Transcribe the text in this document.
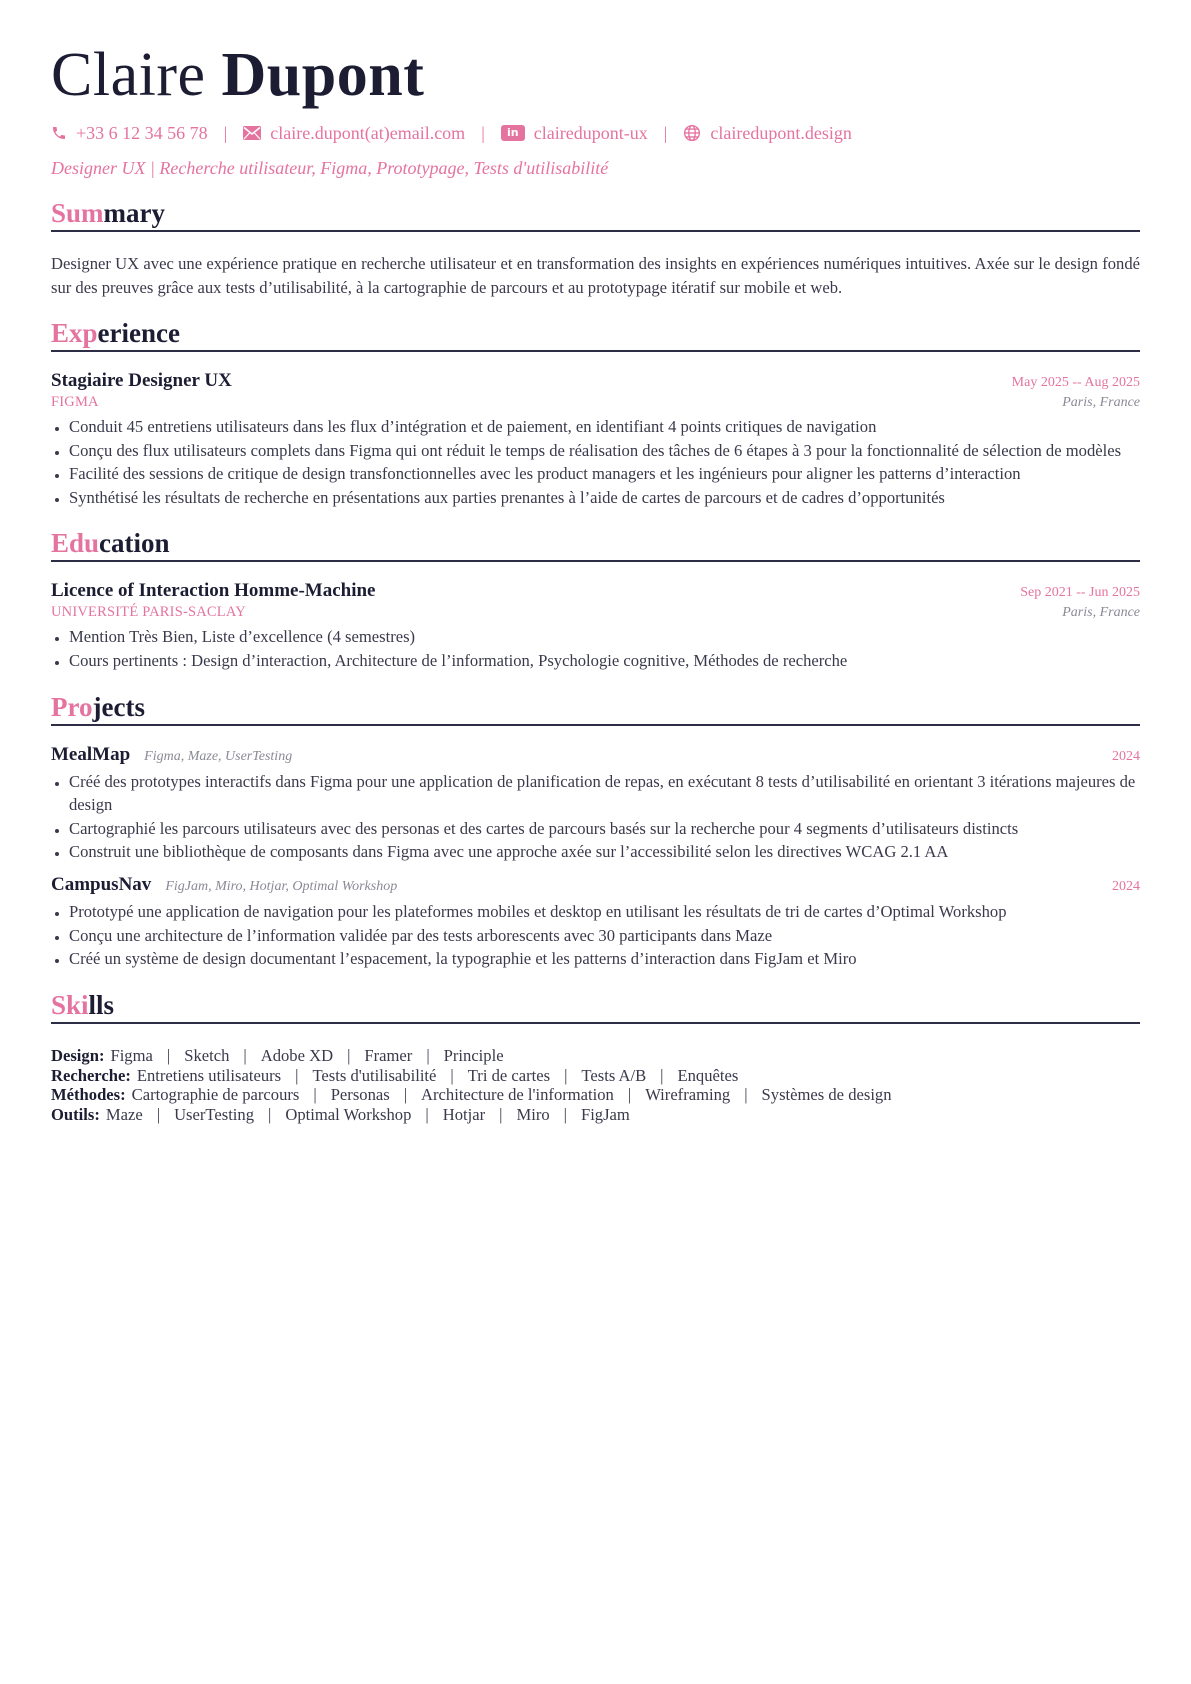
Claire Dupont
+33 6 12 34 56 78 | claire.dupont(at)email.com |	in clairedupont-ux | clairedupont.design
Designer UX | Recherche utilisateur, Figma, Prototypage, Tests d'utilisabilité
Summary
Designer UX avec une expérience pratique en recherche utilisateur et en transformation des insights en expériences numériques intuitives. Axée sur le design fondé sur des preuves grâce aux tests d’utilisabilité, à la cartographie de parcours et au prototypage itératif sur mobile et web.
Experience
Stagiaire Designer UX	May 2025 -- Aug 2025
FIGMA	Paris, France
• Conduit 45 entretiens utilisateurs dans les flux d’intégration et de paiement, en identifiant 4 points critiques de navigation
• Conçu des flux utilisateurs complets dans Figma qui ont réduit le temps de réalisation des tâches de 6 étapes à 3 pour la fonctionnalité de sélection de modèles
• Facilité des sessions de critique de design transfonctionnelles avec les product managers et les ingénieurs pour aligner les patterns d’interaction
• Synthétisé les résultats de recherche en présentations aux parties prenantes à l’aide de cartes de parcours et de cadres d’opportunités
Education
Licence of Interaction Homme-Machine	Sep 2021 -- Jun 2025
UNIVERSITÉ PARIS-SACLAY	Paris, France
• Mention Très Bien, Liste d’excellence (4 semestres)
• Cours pertinents : Design d’interaction, Architecture de l’information, Psychologie cognitive, Méthodes de recherche
Projects
MealMap Figma, Maze, UserTesting	2024
• Créé des prototypes interactifs dans Figma pour une application de planification de repas, en exécutant 8 tests d’utilisabilité en orientant 3 itérations majeures de design
• Cartographié les parcours utilisateurs avec des personas et des cartes de parcours basés sur la recherche pour 4 segments d’utilisateurs distincts
• Construit une bibliothèque de composants dans Figma avec une approche axée sur l’accessibilité selon les directives WCAG 2.1 AA
CampusNav FigJam, Miro, Hotjar, Optimal Workshop	2024
• Prototypé une application de navigation pour les plateformes mobiles et desktop en utilisant les résultats de tri de cartes d’Optimal Workshop
• Conçu une architecture de l’information validée par des tests arborescents avec 30 participants dans Maze
• Créé un système de design documentant l’espacement, la typographie et les patterns d’interaction dans FigJam et Miro
Skills
Design: Figma | Sketch | Adobe XD | Framer | Principle
Recherche: Entretiens utilisateurs | Tests d'utilisabilité | Tri de cartes | Tests A/B | Enquêtes
Méthodes: Cartographie de parcours | Personas | Architecture de l'information | Wireframing | Systèmes de design
Outils: Maze | UserTesting | Optimal Workshop | Hotjar | Miro | FigJam
